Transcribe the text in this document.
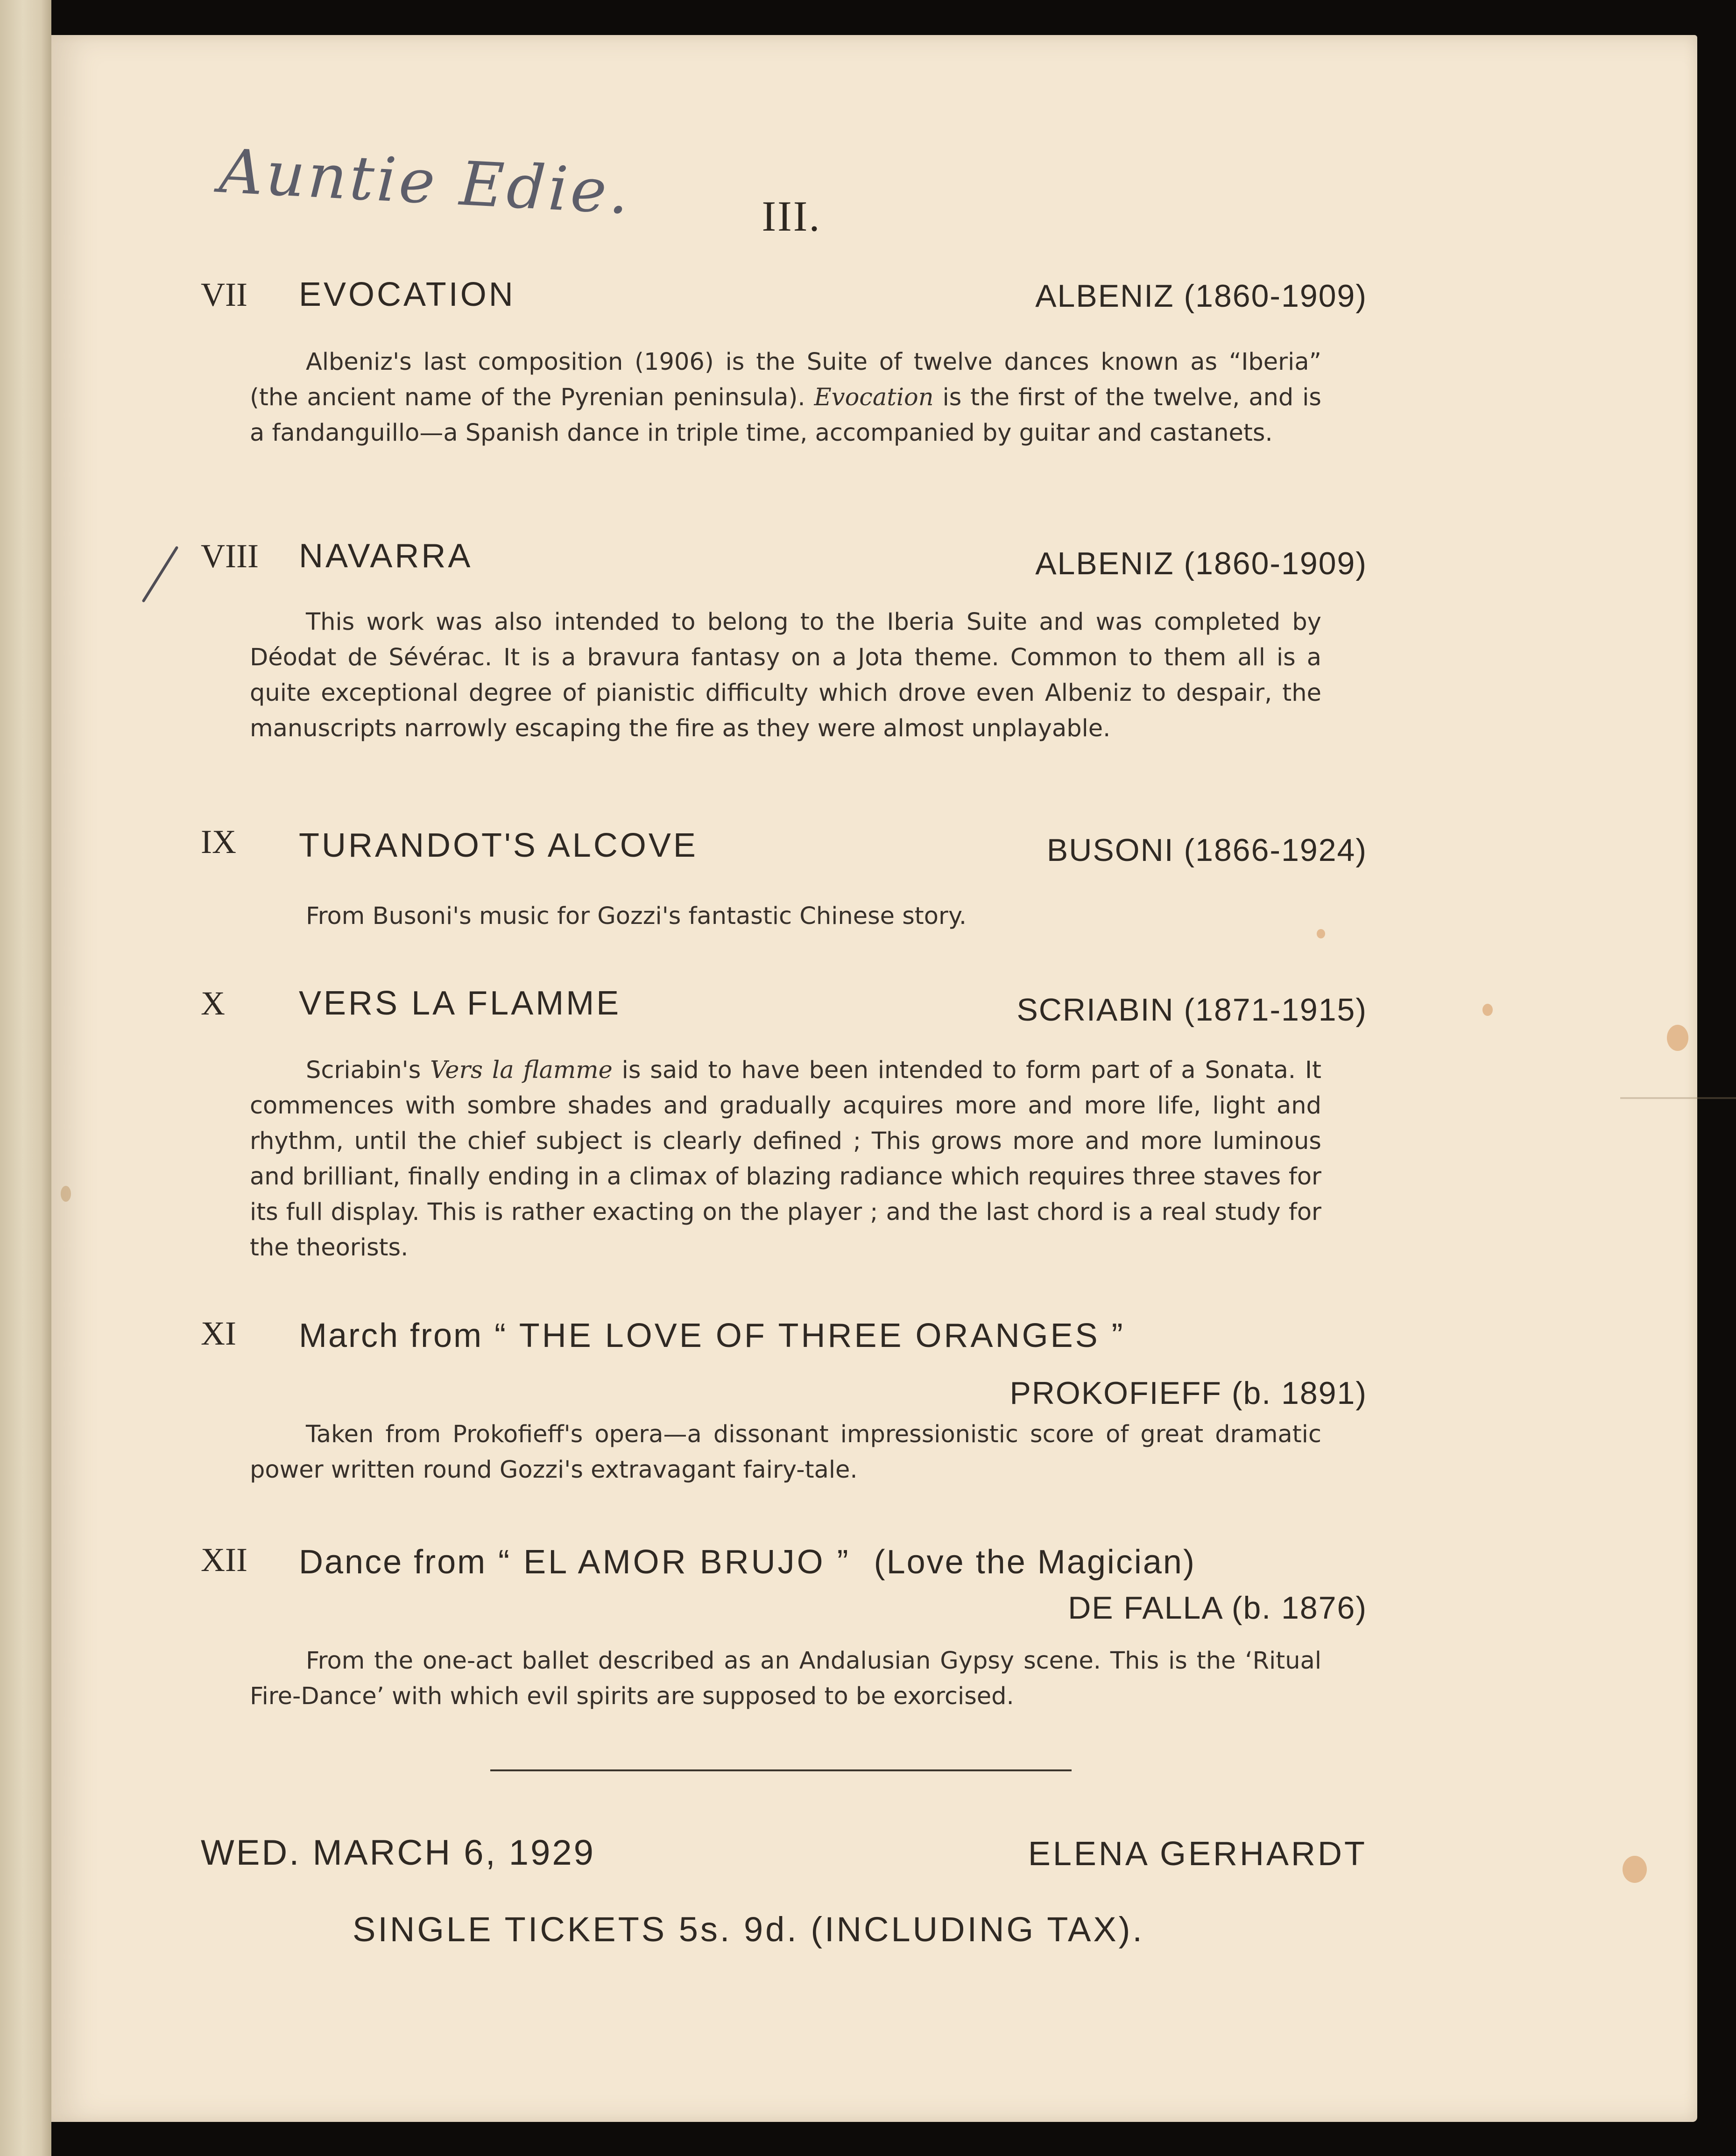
Auntie Edie.	III.
VII EVOCATION	ALBENIZ (1860-1909)
Albeniz's last composition (1906) is the Suite of twelve dances known as “Iberia” (the ancient name of the Pyrenian peninsula). Evocation is the first of the twelve, and is a fandanguillo—a Spanish dance in triple time, accompanied by guitar and castanets.
VIII NAVARRA	ALBENIZ (1860-1909)
This work was also intended to belong to the Iberia Suite and was completed by Déodat de Sévérac. It is a bravura fantasy on a Jota theme. Common to them all is a quite exceptional degree of pianistic difficulty which drove even Albeniz to despair, the manuscripts narrowly escaping the fire as they were almost unplayable.
IX TURANDOT'S ALCOVE	BUSONI (1866-1924)
From Busoni's music for Gozzi's fantastic Chinese story.
X VERS LA FLAMME	SCRIABIN (1871-1915)
Scriabin's Vers la flamme is said to have been intended to form part of a Sonata. It commences with sombre shades and gradually acquires more and more life, light and rhythm, until the chief subject is clearly defined ; This grows more and more luminous and brilliant, finally ending in a climax of blazing radiance which requires three staves for its full display. This is rather exacting on the player ; and the last chord is a real study for the theorists.
XI March from “ THE LOVE OF THREE ORANGES ”
PROKOFIEFF (b. 1891)
Taken from Prokofieff's opera—a dissonant impressionistic score of great dramatic power written round Gozzi's extravagant fairy-tale.
XII Dance from “ EL AMOR BRUJO ” (Love the Magician)
DE FALLA (b. 1876)
From the one-act ballet described as an Andalusian Gypsy scene. This is the ‘Ritual Fire-Dance’ with which evil spirits are supposed to be exorcised.
WED. MARCH 6, 1929	ELENA GERHARDT
SINGLE TICKETS 5s. 9d. (INCLUDING TAX).
